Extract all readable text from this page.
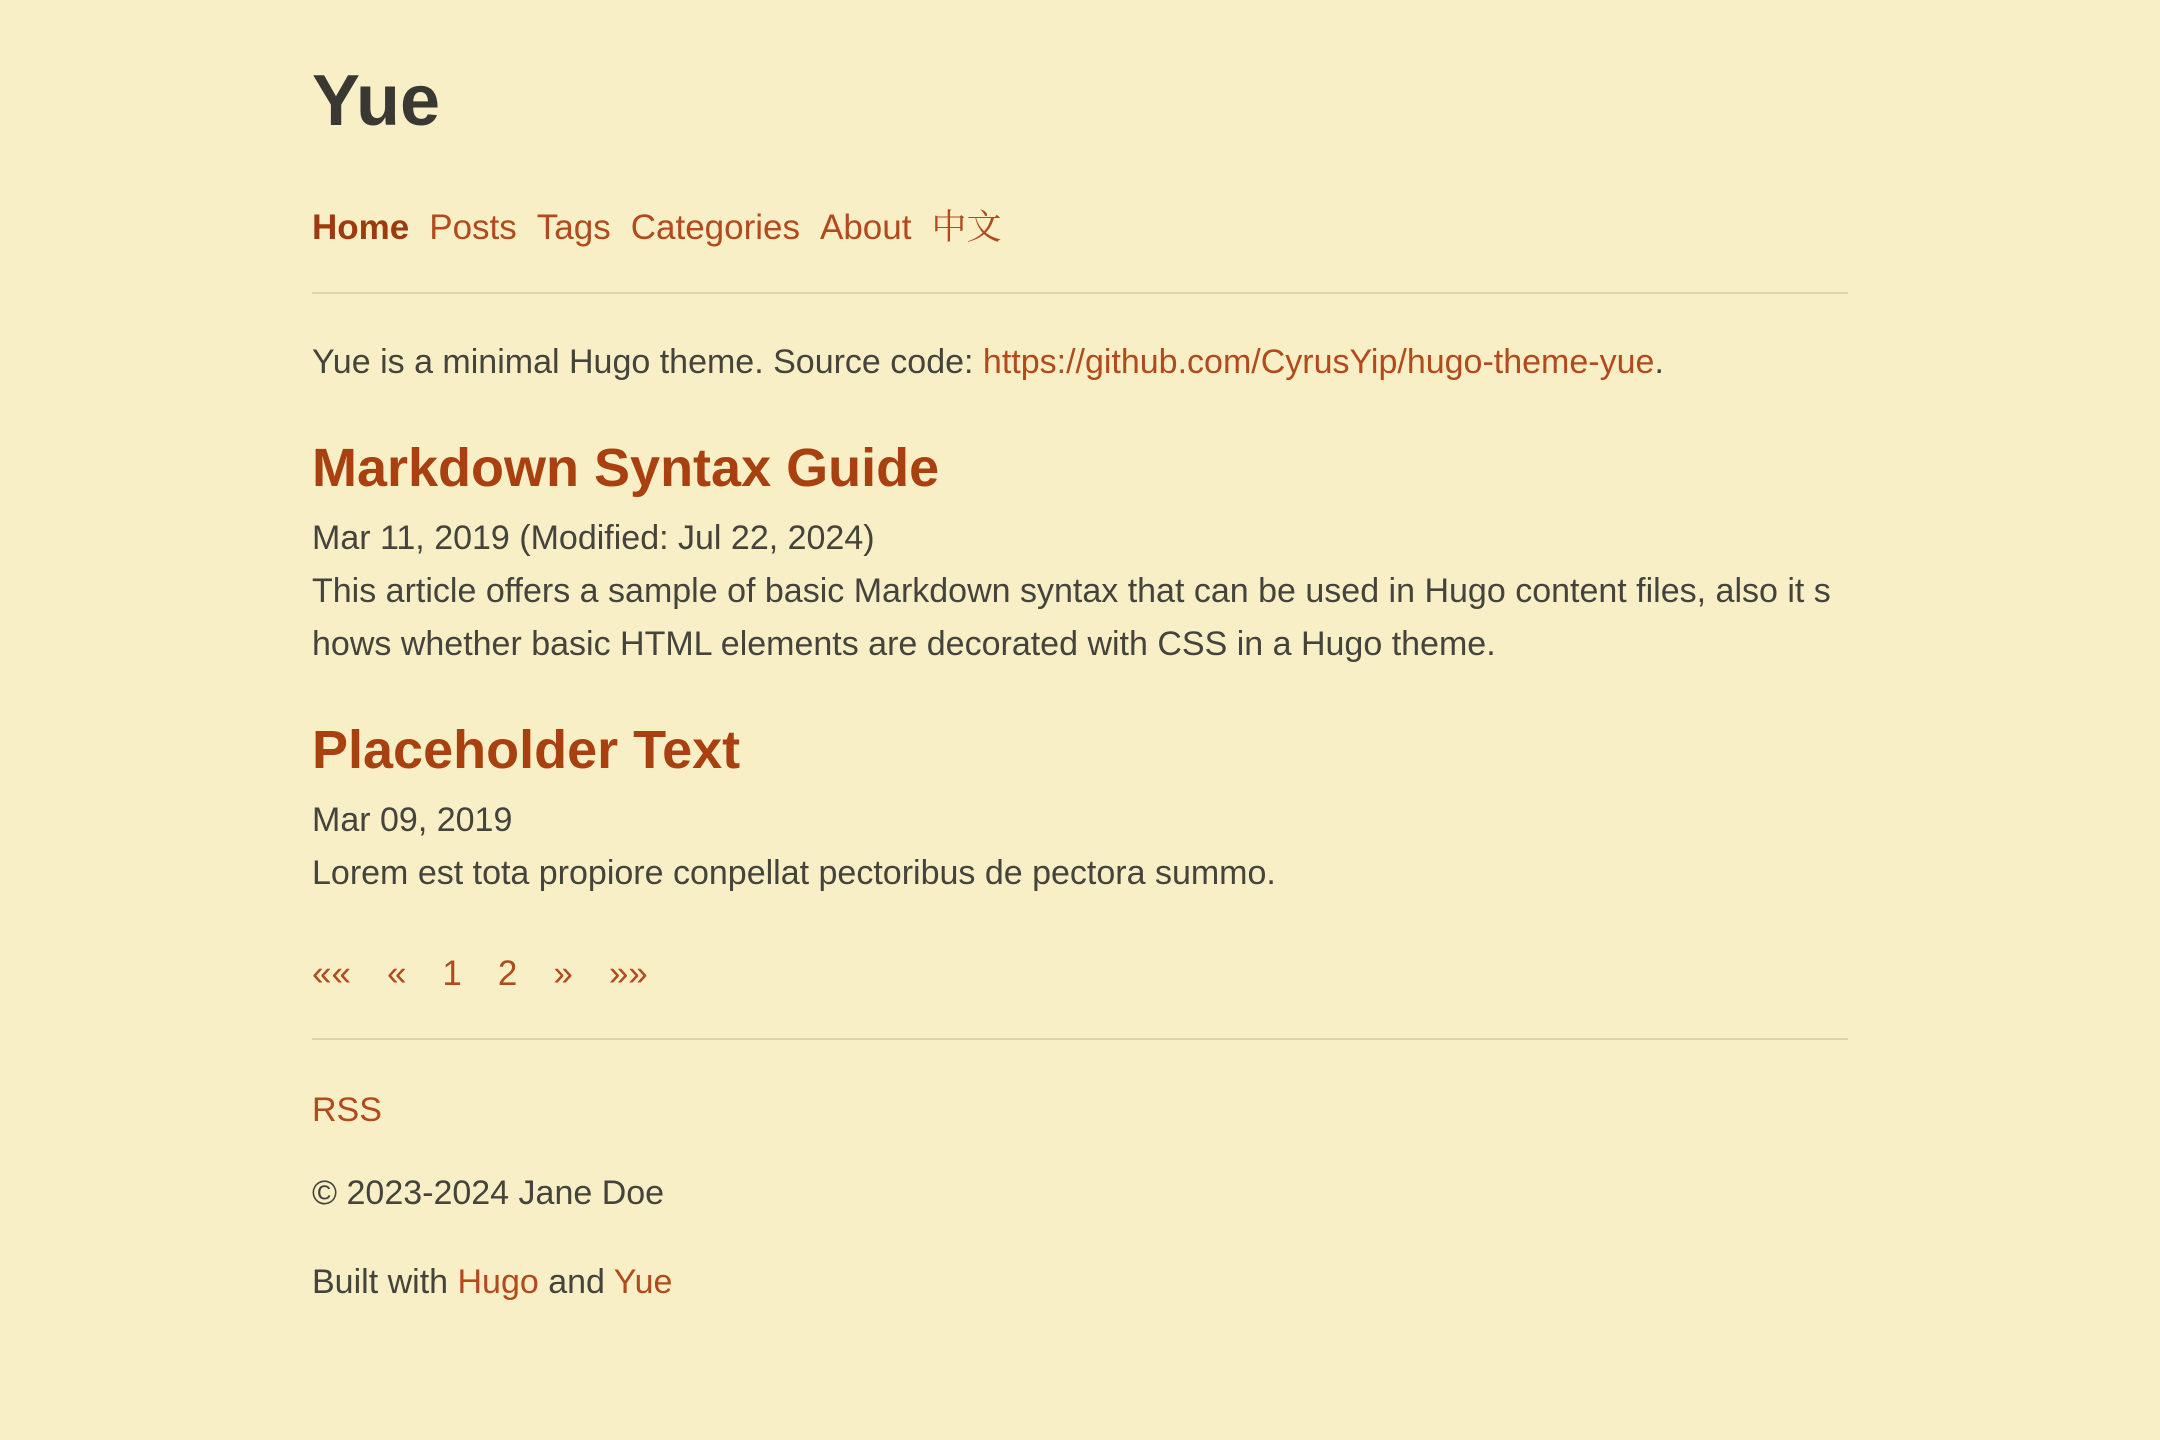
Yue
Home Posts Tags Categories About 中文

Yue is a minimal Hugo theme. Source code: https://github.com/CyrusYip/hugo-theme-yue.

Markdown Syntax Guide

Mar 11, 2019 (Modified: Jul 22, 2024)

This article offers a sample of basic Markdown syntax that can be used in Hugo content files, also it shows whether basic HTML elements are decorated with CSS in a Hugo theme.

Placeholder Text

Mar 09, 2019

Lorem est tota propiore conpellat pectoribus de pectora summo.

«« « 1 2 » »»

RSS

© 2023-2024 Jane Doe

Built with Hugo and Yue
